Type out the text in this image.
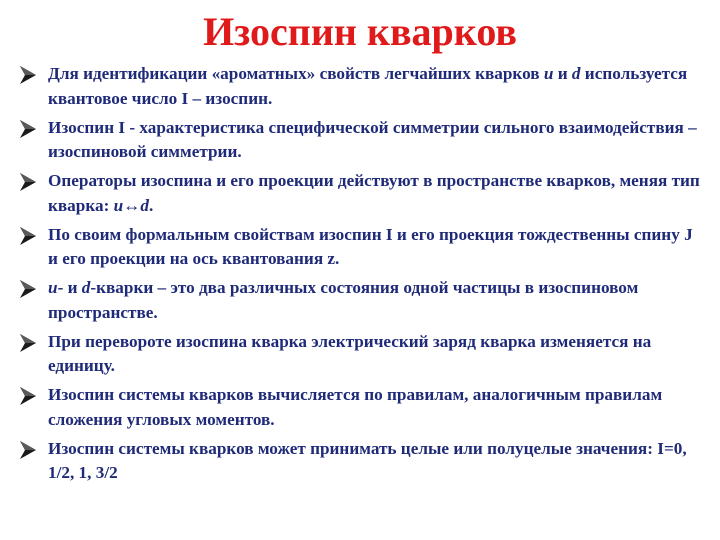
Изоспин кварков
Для идентификации «ароматных» свойств легчайших кварков u и d используется квантовое число I – изоспин.
Изоспин I - характеристика специфической симметрии сильного взаимодействия – изоспиновой симметрии.
Операторы изоспина и его проекции действуют в пространстве кварков, меняя тип кварка: u↔d.
По своим формальным свойствам изоспин I и его проекция тождественны спину J и его проекции на ось квантования z.
u- и d-кварки – это два различных состояния одной частицы в изоспиновом пространстве.
При перевороте изоспина кварка электрический заряд кварка изменяется на единицу.
Изоспин системы кварков вычисляется по правилам, аналогичным правилам сложения угловых моментов.
Изоспин системы кварков может принимать целые или полуцелые значения: I=0, 1/2, 1, 3/2
